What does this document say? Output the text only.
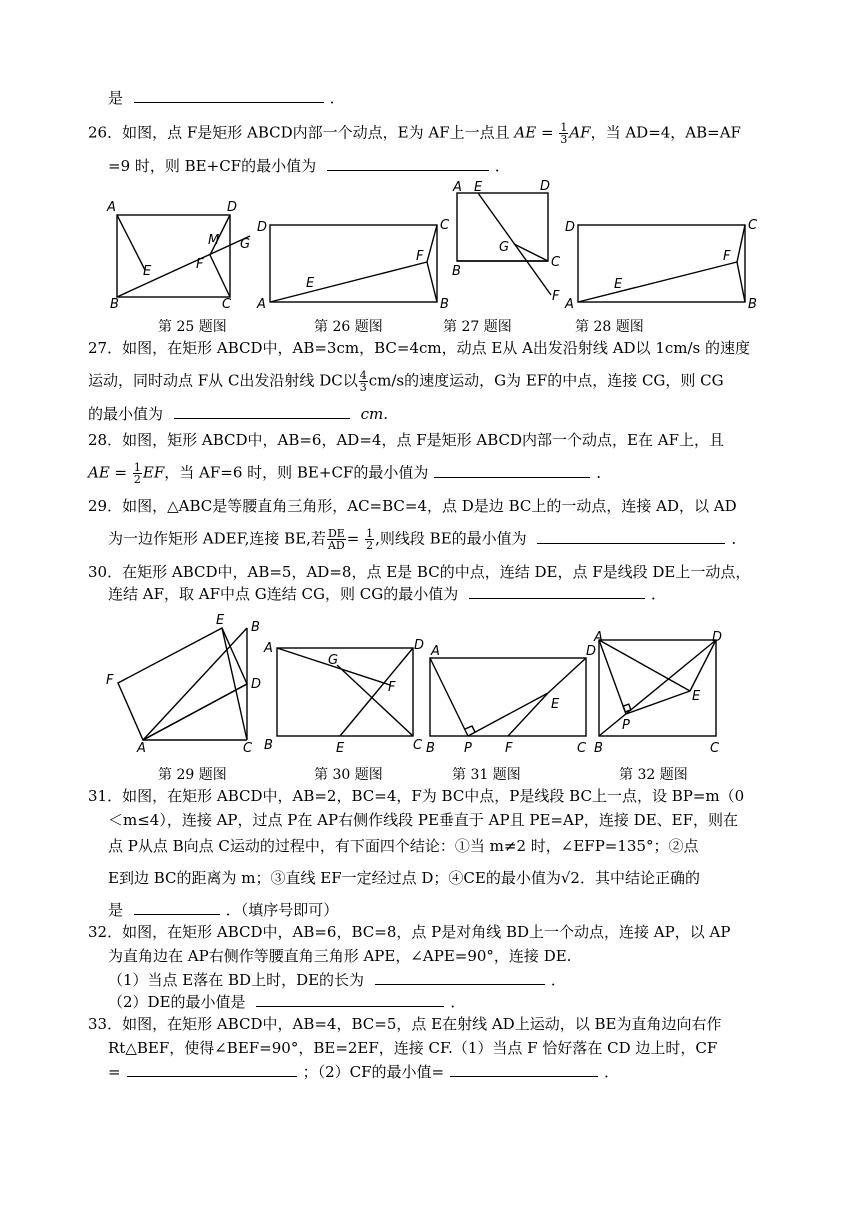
是	．
26．如图，点 F是矩形 ABCD内部一个动点，E为 AF上一点且 AE = $\frac{1}{3}$ AF，当 AD=4，AB=AF
=9 时，则 BE+CF的最小值为	．
A	D
M G
E	F
B	C
D	C
F
E
A	B
A E	D
G
B
C
F
D	C
F
E
A	B
E B
F	D
A	C
A	D
G
F
B	E	C
A	D
E
B P	F	C
A	D
E
P
B	C
第 25 题图	第 26 题图	第 27 题图	第 28 题图
27．如图，在矩形 ABCD中，AB=3cm，BC=4cm，动点 E从 A出发沿射线 AD以 1cm/s 的速度
运动，同时动点 F从 C出发沿射线 DC以 $\frac{4}{3} cm/s$的速度运动，G为 EF的中点，连接 CG，则 CG
的最小值为	cm.
28．如图，矩形 ABCD中，AB=6，AD=4，点 F是矩形 ABCD内部一个动点，E在 AF上，且
AE = $\frac{1}{2}$ EF，当 AF=6 时，则 BE+CF的最小值为	．
29．如图，△ABC是等腰直角三角形，AC=BC=4，点 D是边 BC上的一动点，连接 AD，以 AD
为一边作矩形 ADEF,连接 BE,若 $\frac{DE}{AD} = \frac{1}{2}$ ,则线段 BE的最小值为	．
30．在矩形 ABCD中，AB=5，AD=8，点 E是 BC的中点，连结 DE，点 F是线段 DE上一动点，
连结 AF，取 AF中点 G连结 CG，则 CG的最小值为	．
第 29 题图	第 30 题图	第 31 题图	第 32 题图
31．如图，在矩形 ABCD中，AB=2，BC=4，F为 BC中点，P是线段 BC上一点，设 BP=m（0
＜m≤4），连接 AP，过点 P在 AP右侧作线段 PE垂直于 AP且 PE=AP，连接 DE、EF，则在
点 P从点 B向点 C运动的过程中，有下面四个结论：①当 m≠2 时，∠EFP=135°；②点
E到边 BC的距离为 m；③直线 EF一定经过点 D；④CE的最小值为√2．其中结论正确的
是	．（填序号即可）
32．如图，在矩形 ABCD中，AB=6，BC=8，点 P是对角线 BD上一个动点，连接 AP，以 AP
为直角边在 AP右侧作等腰直角三角形 APE，∠APE=90°，连接 DE.
（1）当点 E落在 BD上时，DE的长为	．
（2）DE的最小值是	．
33．如图，在矩形 ABCD中，AB=4，BC=5，点 E在射线 AD上运动，以 BE为直角边向右作
Rt△BEF，使得∠BEF=90°，BE=2EF，连接 CF.（1）当点 F 恰好落在 CD 边上时，CF
=	；（2）CF的最小值=	．
